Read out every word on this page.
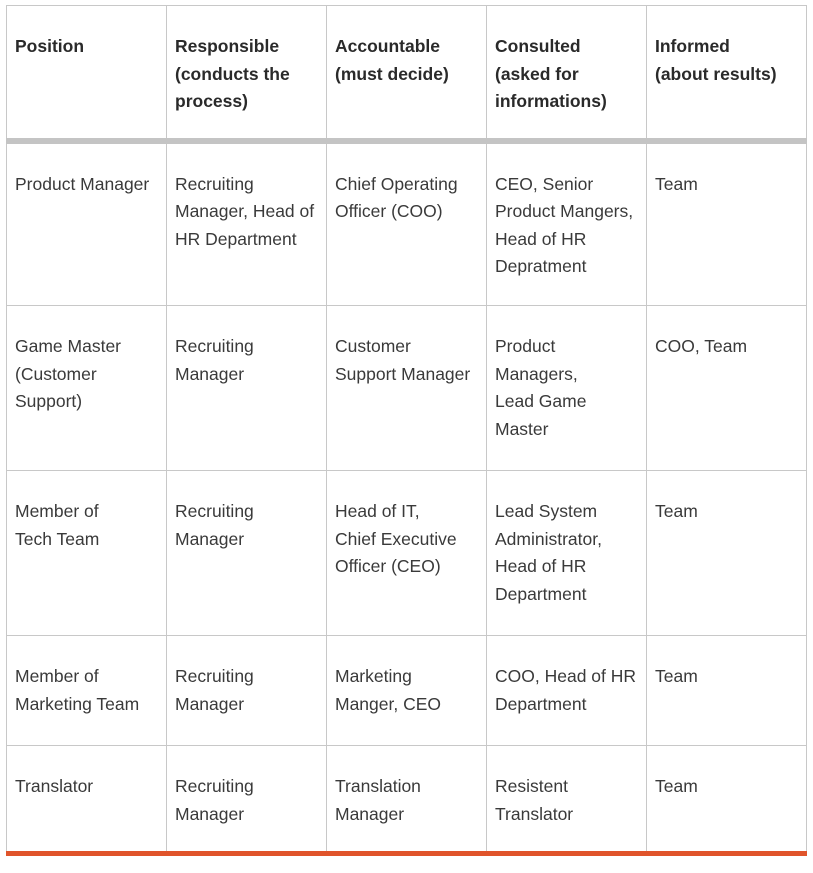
Position	Responsible
(conducts the
process)	Accountable
(must decide)	Consulted
(asked for
informations)	Informed
(about results)

Product Manager	Recruiting
Manager, Head of
HR Department	Chief Operating
Officer (COO)	CEO, Senior
Product Mangers,
Head of HR
Depratment	Team

Game Master
(Customer
Support)	Recruiting
Manager	Customer
Support Manager	Product
Managers,
Lead Game
Master	COO, Team

Member of
Tech Team	Recruiting
Manager	Head of IT,
Chief Executive
Officer (CEO)	Lead System
Administrator,
Head of HR
Department	Team

Member of
Marketing Team	Recruiting
Manager	Marketing
Manger, CEO	COO, Head of HR
Department	Team

Translator	Recruiting
Manager	Translation
Manager	Resistent
Translator	Team
